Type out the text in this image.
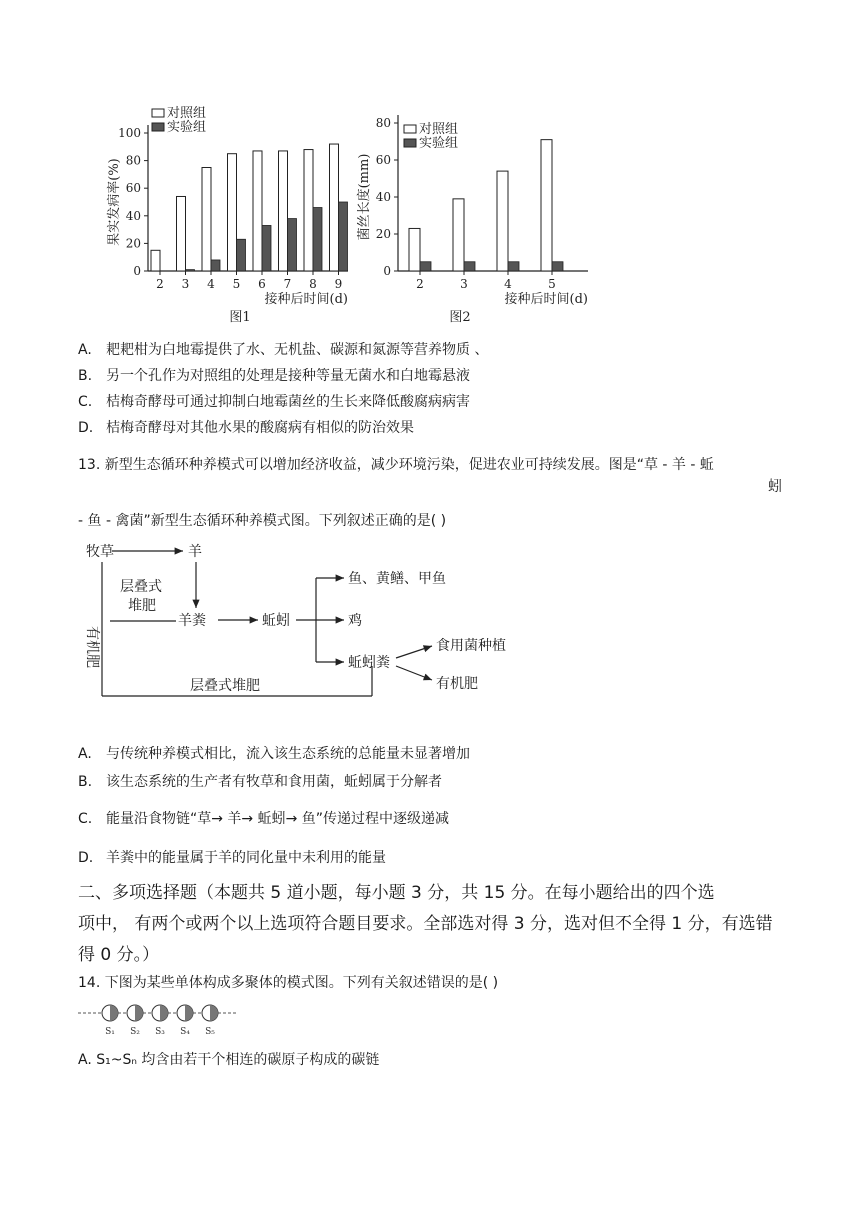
0
20
40
60
80
100
2 3 4 5 6 7 8 9
果实发病率(%)
接种后时间(d)
图1
对照组
实验组
0
20
40
60
80
2	3	4	5
菌丝长度(mm)
接种后时间(d)
图2
对照组
实验组
A. 耙耙柑为白地霉提供了水、无机盐、碳源和氮源等营养物质 、
B. 另一个孔作为对照组的处理是接种等量无菌水和白地霉悬液
C. 桔梅奇酵母可通过抑制白地霉菌丝的生长来降低酸腐病病害
D. 桔梅奇酵母对其他水果的酸腐病有相似的防治效果
13. 新型生态循环种养模式可以增加经济收益，减少环境污染，促进农业可持续发展。图是“草 - 羊 - 蚯
蚓
- 鱼 - 禽菌”新型生态循环种养模式图。下列叙述正确的是( )
牧草	羊
层叠式
堆肥
羊粪	蚯蚓
鱼、黄鳝、甲鱼
鸡
蚯蚓粪
食用菌种植
有机肥
层叠式堆肥
有机肥
A. 与传统种养模式相比，流入该生态系统的总能量未显著增加
B. 该生态系统的生产者有牧草和食用菌，蚯蚓属于分解者
C. 能量沿食物链“草→ 羊→ 蚯蚓→ 鱼”传递过程中逐级递减
D. 羊粪中的能量属于羊的同化量中未利用的能量
二、多项选择题（本题共 5 道小题，每小题 3 分，共 15 分。在每小题给出的四个选
项中， 有两个或两个以上选项符合题目要求。全部选对得 3 分，选对但不全得 1 分，有选错
得 0 分。）
14. 下图为某些单体构成多聚体的模式图。下列有关叙述错误的是( )
S₁ S₂ S₃ S₄ S₅
A. S₁~Sₙ 均含由若干个相连的碳原子构成的碳链
